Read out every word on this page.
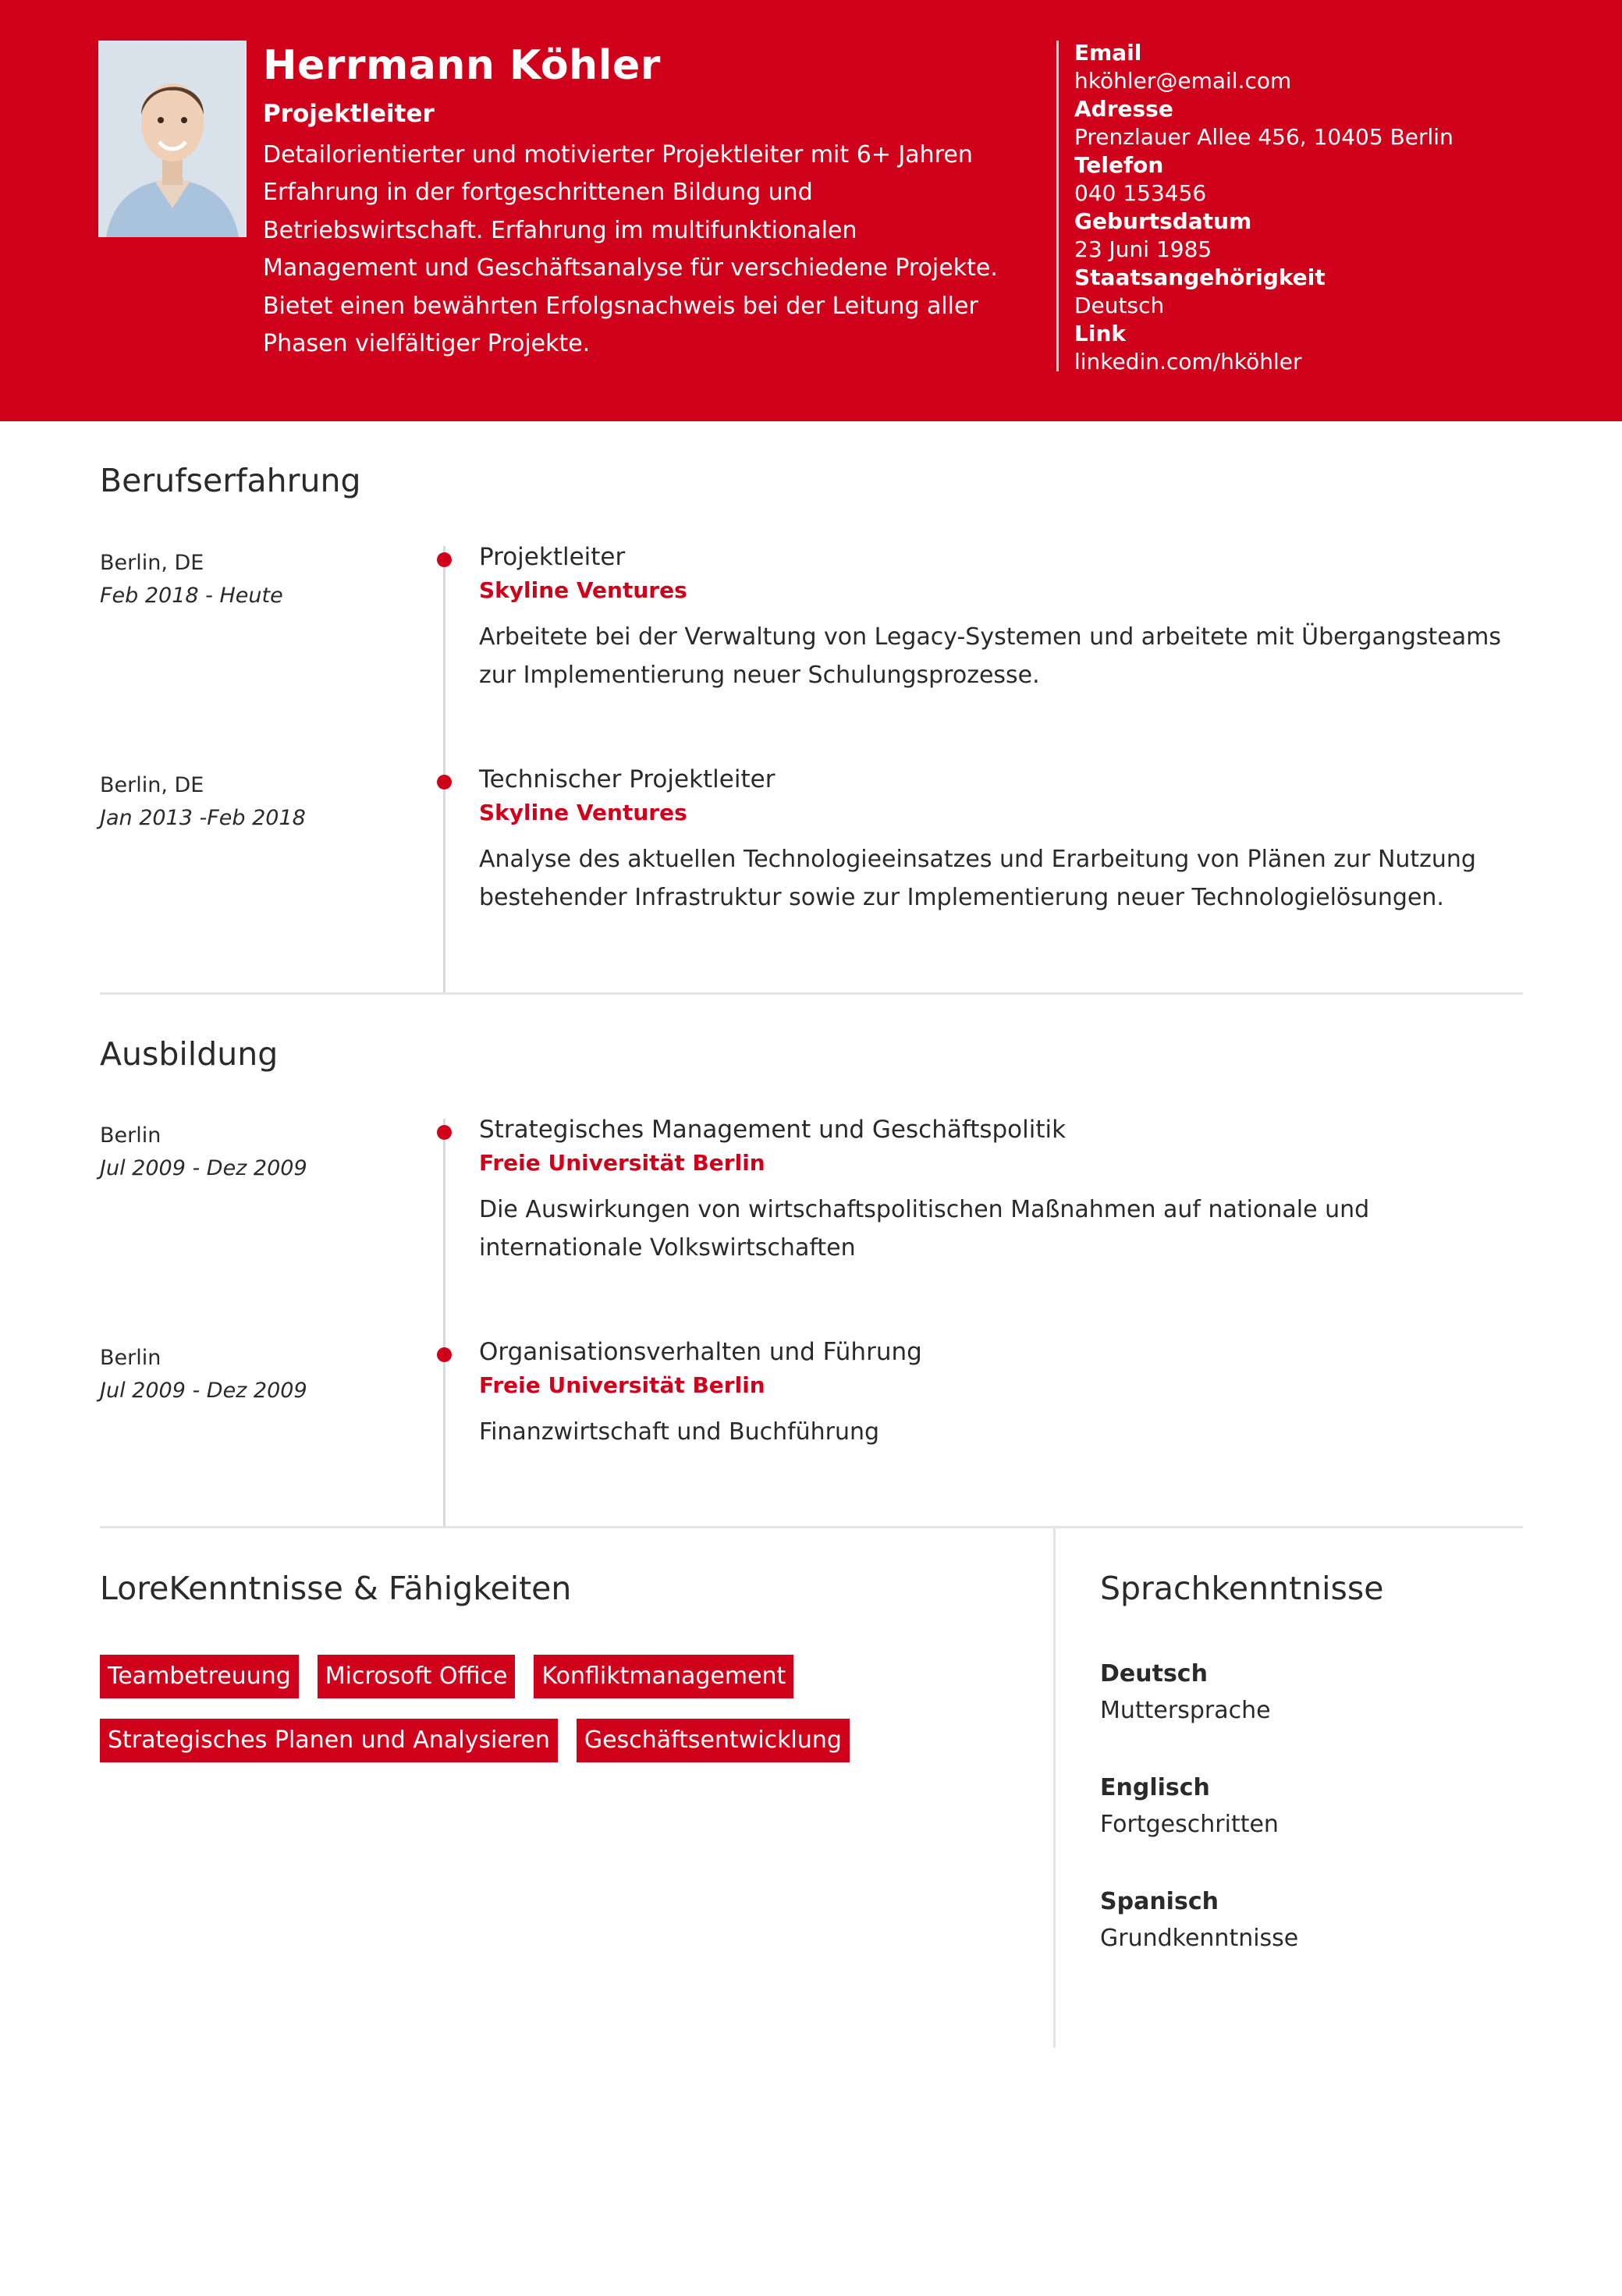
Herrmann Köhler
Projektleiter
Detailorientierter und motivierter Projektleiter mit 6+ Jahren Erfahrung in der fortgeschrittenen Bildung und Betriebswirtschaft. Erfahrung im multifunktionalen Management und Geschäftsanalyse für verschiedene Projekte. Bietet einen bewährten Erfolgsnachweis bei der Leitung aller Phasen vielfältiger Projekte.
Email
hköhler@email.com
Adresse
Prenzlauer Allee 456, 10405 Berlin
Telefon
040 153456
Geburtsdatum
23 Juni 1985
Staatsangehörigkeit
Deutsch
Link
linkedin.com/hköhler
Berufserfahrung
Berlin, DE
Feb 2018 - Heute
Projektleiter
Skyline Ventures
Arbeitete bei der Verwaltung von Legacy-Systemen und arbeitete mit Übergangsteams zur Implementierung neuer Schulungsprozesse.
Berlin, DE
Jan 2013 -Feb 2018
Technischer Projektleiter
Skyline Ventures
Analyse des aktuellen Technologieeinsatzes und Erarbeitung von Plänen zur Nutzung bestehender Infrastruktur sowie zur Implementierung neuer Technologielösungen.
Ausbildung
Berlin
Jul 2009 - Dez 2009
Strategisches Management und Geschäftspolitik
Freie Universität Berlin
Die Auswirkungen von wirtschaftspolitischen Maßnahmen auf nationale und internationale Volkswirtschaften
Berlin
Jul 2009 - Dez 2009
Organisationsverhalten und Führung
Freie Universität Berlin
Finanzwirtschaft und Buchführung
LoreKenntnisse & Fähigkeiten
Teambetreuung	Microsoft Office	Konfliktmanagement
Strategisches Planen und Analysieren	Geschäftsentwicklung
Sprachkenntnisse
Deutsch
Muttersprache
Englisch
Fortgeschritten
Spanisch
Grundkenntnisse
